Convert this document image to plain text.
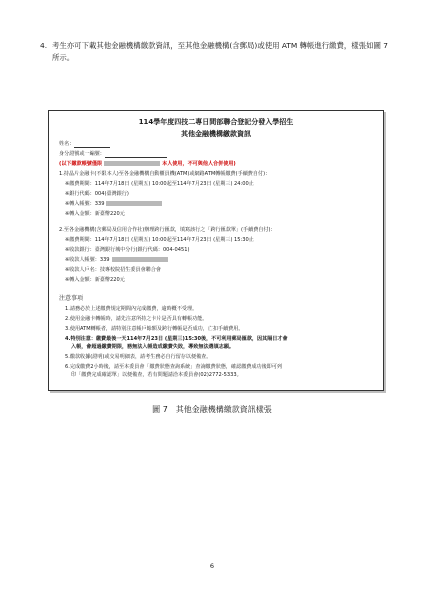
4. 考生亦可下載其他金融機構繳款資訊，至其他金融機構(含郵局)或使用 ATM 轉帳進行繳費，樣張如圖 7 所示。
114學年度四技二專日間部聯合登記分發入學招生
其他金融機構繳款資訊
姓名：
身分證號或一編號：
(以下繳款帳號僅限	本人使用，不可與他人合併使用)
1.持晶片金融卡(不限本人)至各金融機構自動櫃員機(ATM)或網路ATM轉帳繳費(手續費自付)：
※繳費期間：114年7月18日 (星期五) 10:00起至114年7月23日 (星期三) 24:00止
※銀行代碼：004(臺灣銀行)
※轉入帳號：339
※轉入金額：新臺幣220元
2.至各金融機構(含郵局及信用合作社)辦理跨行匯款，填寫該行之「跨行匯款單」(手續費自付)：
※繳費期間：114年7月18日 (星期五) 10:00起至114年7月23日 (星期三) 15:30止
※收款銀行：臺灣銀行城中分行(銀行代碼：004-0451)
※收款人帳號：339
※收款人戶名：技專校院招生委員會聯合會
※轉入金額：新臺幣220元
注意事項
1.請務必於上述繳費規定期間內完成繳費，逾時概不受理。
2.使用金融卡轉帳時，請先注意所持之卡片是否具有轉帳功能。
3.使用ATM轉帳者，請特別注意帳戶餘額及跨行轉帳是否成功，亡扣手續費用。
4.特別注意：繳費最後一天114年7月23日 (星期三)15:30後，不可利用郵局匯款，因其隔日才會
入帳，會超過繳費期限，務無法入帳造成繳費失敗，導致無法選填志願。
5.繳款收據(證明)或交易明細表，請考生務必自行留存以便備查。
6.完成繳費2小時後，請至本委員會「繳費狀態查詢系統」查詢繳費狀態，確認繳費成功後即可列
印「繳費完成確認單」以便備查，若有問題請洽本委員會(02)2772-5333。
圖 7　其他金融機構繳款資訊樣張
6
